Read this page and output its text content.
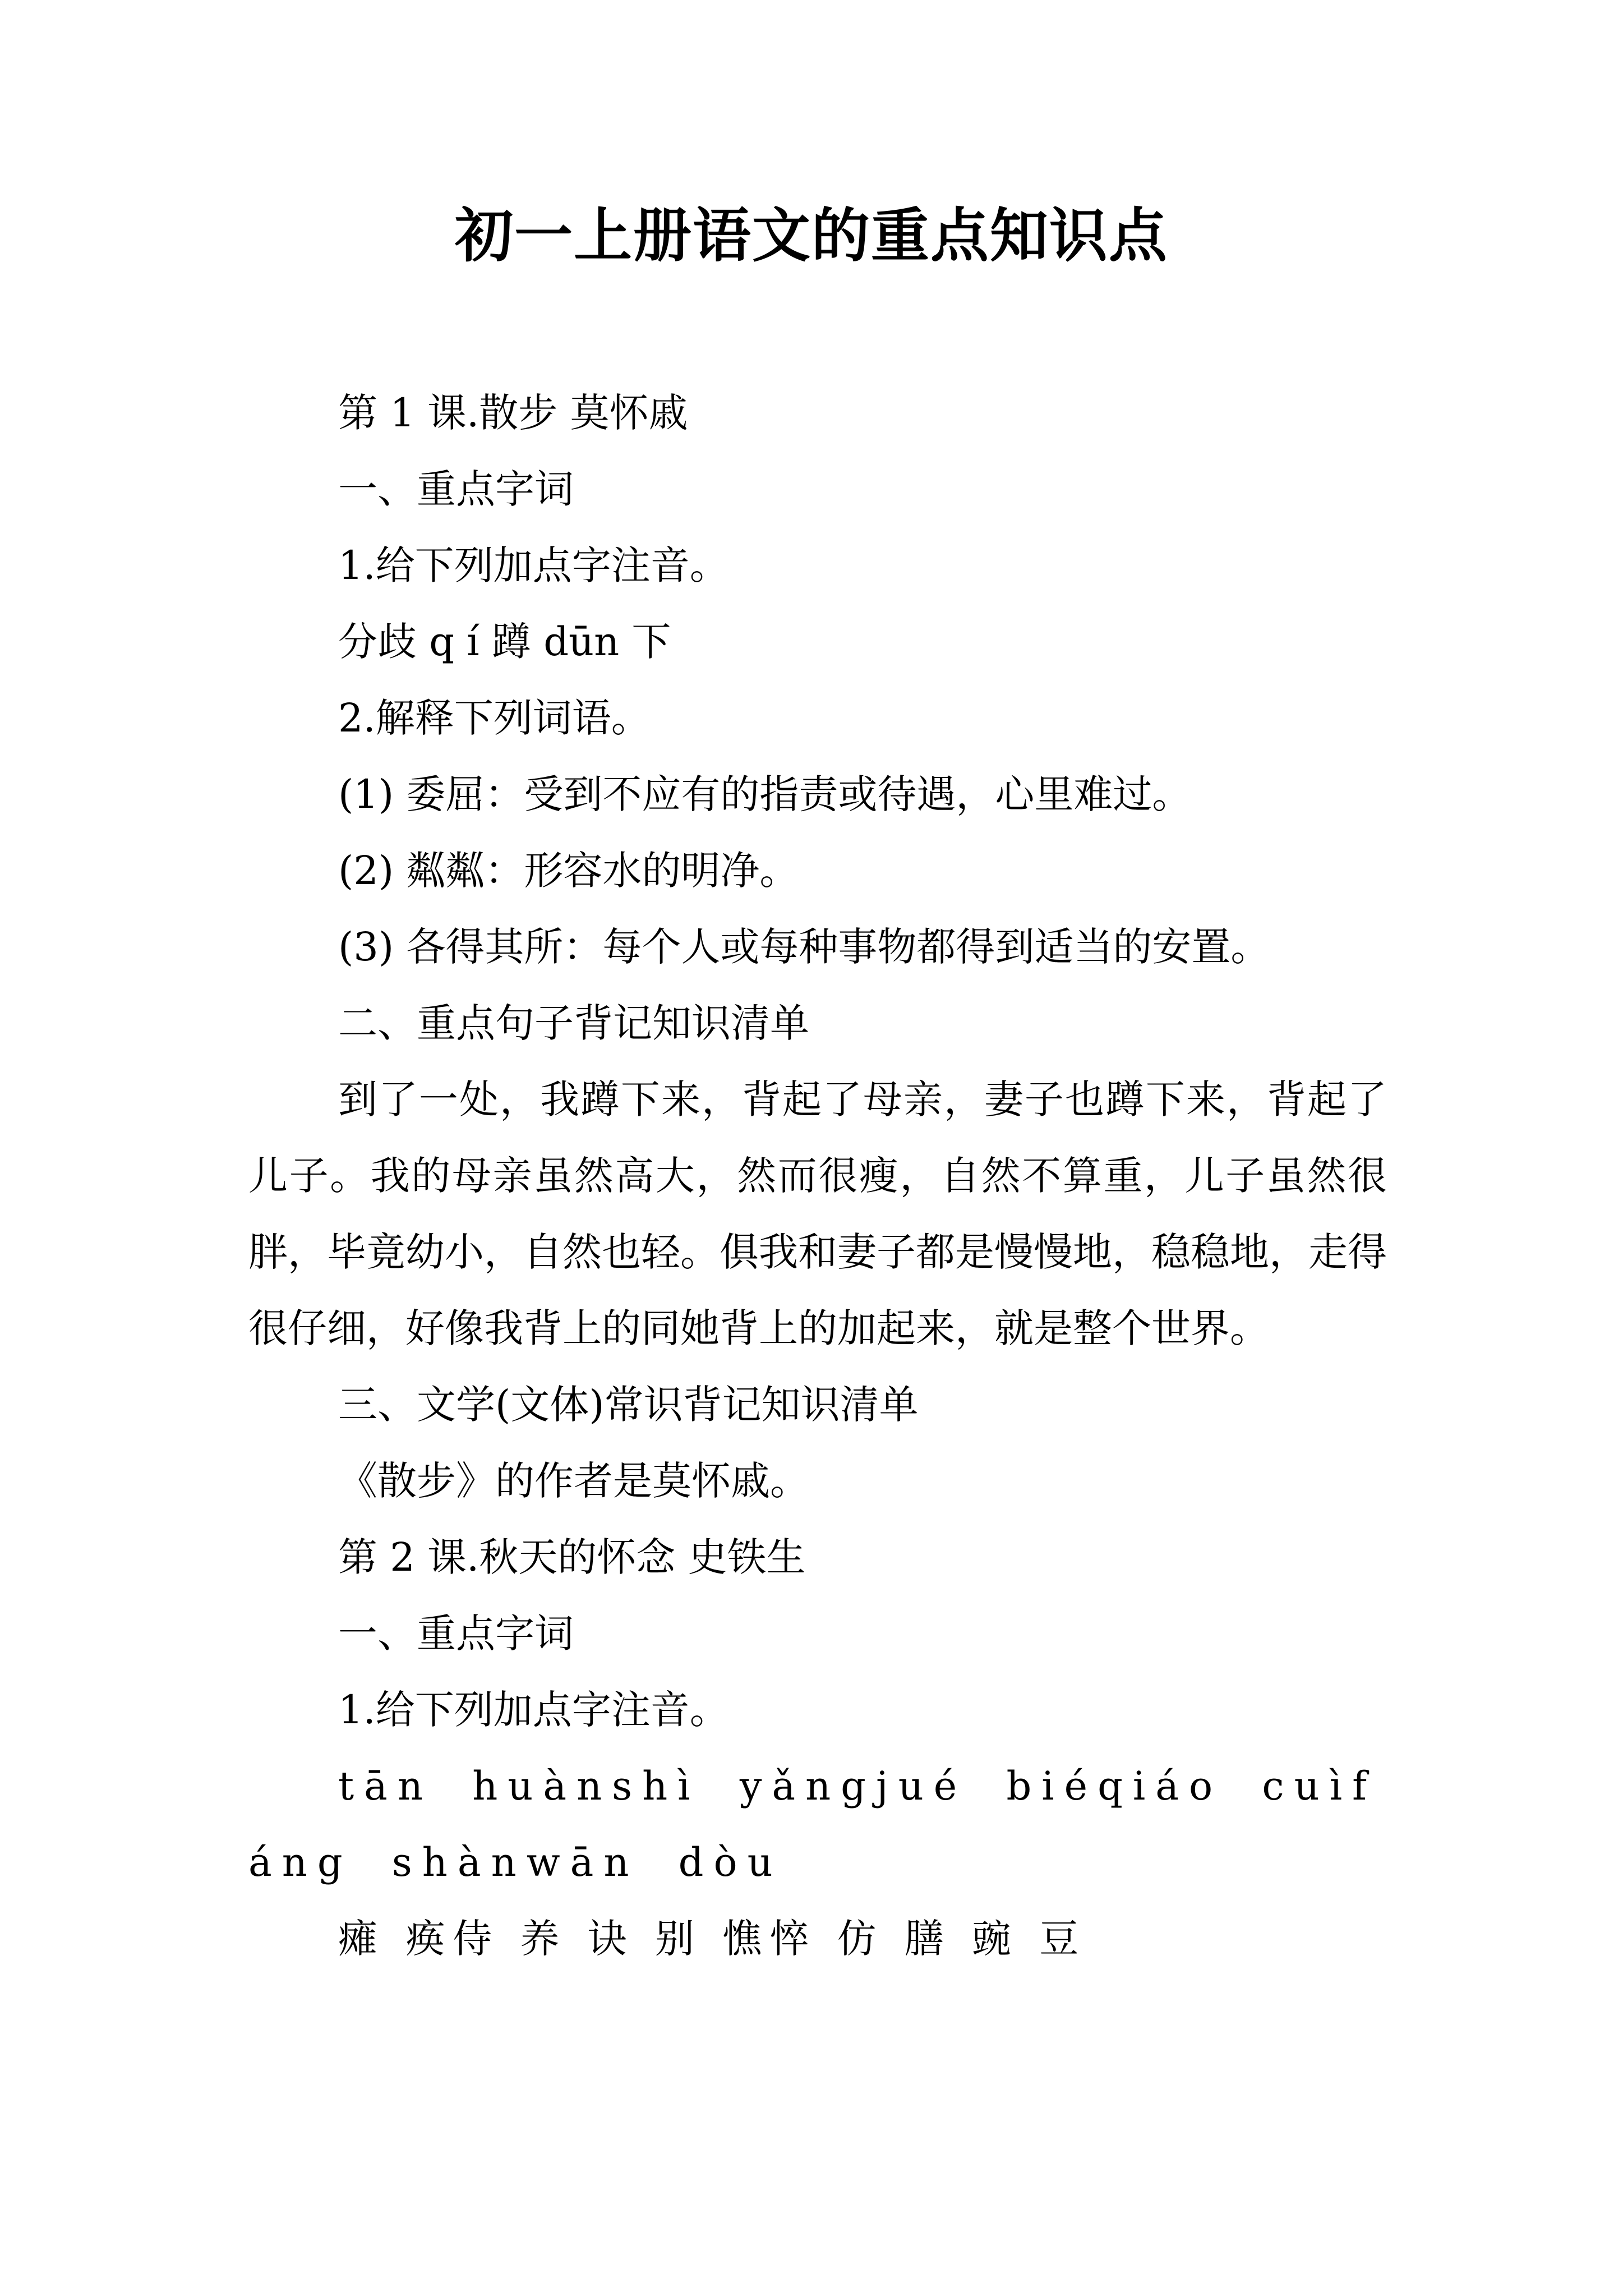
初一上册语文的重点知识点
第 1 课.散步 莫怀戚
一、重点字词
1.给下列加点字注音。
分歧 q í 蹲 dūn 下
2.解释下列词语。
(1) 委屈：受到不应有的指责或待遇，心里难过。
(2) 粼粼：形容水的明净。
(3) 各得其所：每个人或每种事物都得到适当的安置。
二、重点句子背记知识清单
到了一处，我蹲下来，背起了母亲，妻子也蹲下来，背起了儿子。我的母亲虽然高大，然而很瘦，自然不算重，儿子虽然很胖，毕竟幼小，自然也轻。俱我和妻子都是慢慢地，稳稳地，走得很仔细，好像我背上的同她背上的加起来，就是整个世界。
三、文学(文体)常识背记知识清单
《散步》的作者是莫怀戚。
第 2 课.秋天的怀念 史铁生
一、重点字词
1.给下列加点字注音。
tān huànshì yǎngjué biéqiáo cuìfáng shànwān dòu
瘫 痪侍 养 诀 别 憔悴 仿 膳 豌 豆
